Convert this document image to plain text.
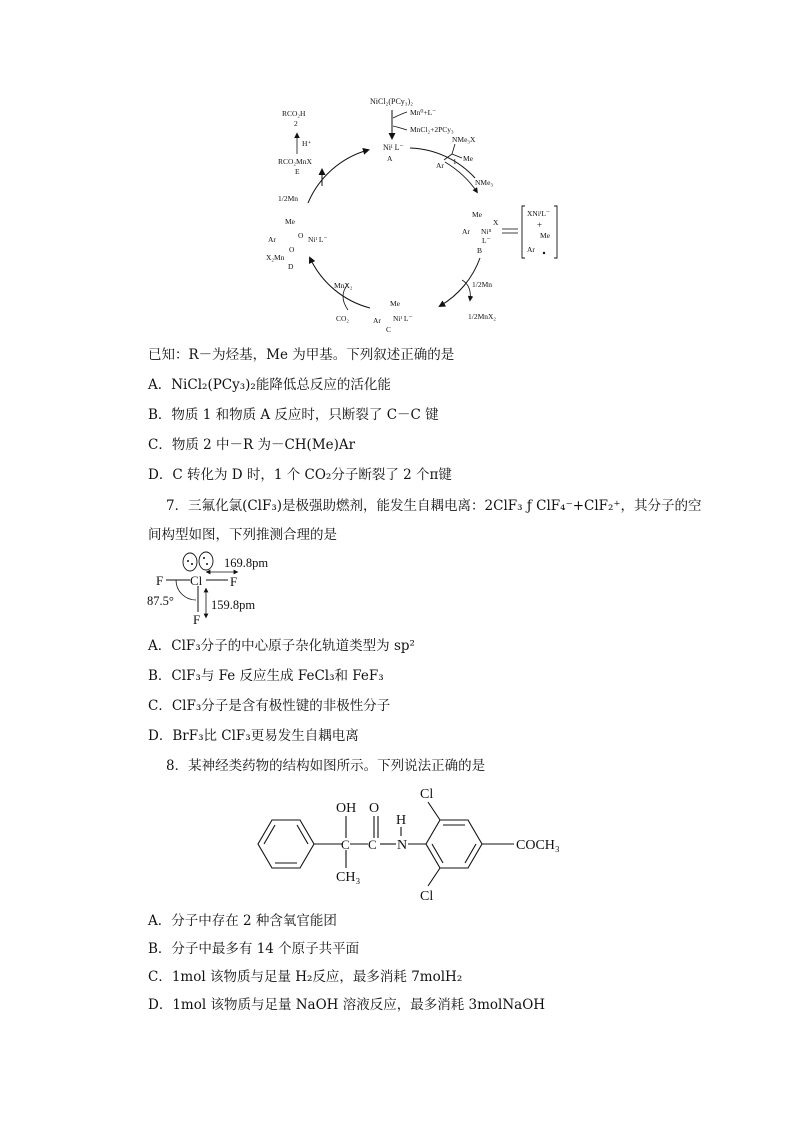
NiCl₂(PCy₃)₂
Mn⁰+L⁻
MnCl₂+2PCy₃
Niᴵ L⁻
A
NMe₃X
Ar 1 Me
NMe₃
Me
X
Ar Niᴵᴵ
L⁻
B
XNiᴵL⁻
+
Me
Ar
1/2Mn
1/2MnX₂
Me
Ar Niᴵ L⁻
C
MnX₂
CO₂
Me
Ar	O Niᴵ L⁻
O
X₂Mn
D
1/2Mn
RCO₂MnX
E
H⁺
RCO₂H
2
已知：R－为烃基，Me 为甲基。下列叙述正确的是
A．NiCl₂(PCy₃)₂能降低总反应的活化能
B．物质 1 和物质 A 反应时，只断裂了 C－C 键
C．物质 2 中－R 为－CH(Me)Ar
D．C 转化为 D 时，1 个 CO₂分子断裂了 2 个π键
7．三氟化氯(ClF₃)是极强助燃剂，能发生自耦电离：2ClF₃ ƒ ClF₄⁻+ClF₂⁺，其分子的空
间构型如图，下列推测合理的是
F Cl F
F
169.8pm
159.8pm
87.5°
A．ClF₃分子的中心原子杂化轨道类型为 sp²
B．ClF₃与 Fe 反应生成 FeCl₃和 FeF₃
C．ClF₃分子是含有极性键的非极性分子
D．BrF₃比 ClF₃更易发生自耦电离
8．某神经类药物的结构如图所示。下列说法正确的是
C C
OH O
N
H
CH₃
Cl
Cl
COCH₃
A．分子中存在 2 种含氧官能团
B．分子中最多有 14 个原子共平面
C．1mol 该物质与足量 H₂反应，最多消耗 7molH₂
D．1mol 该物质与足量 NaOH 溶液反应，最多消耗 3molNaOH
